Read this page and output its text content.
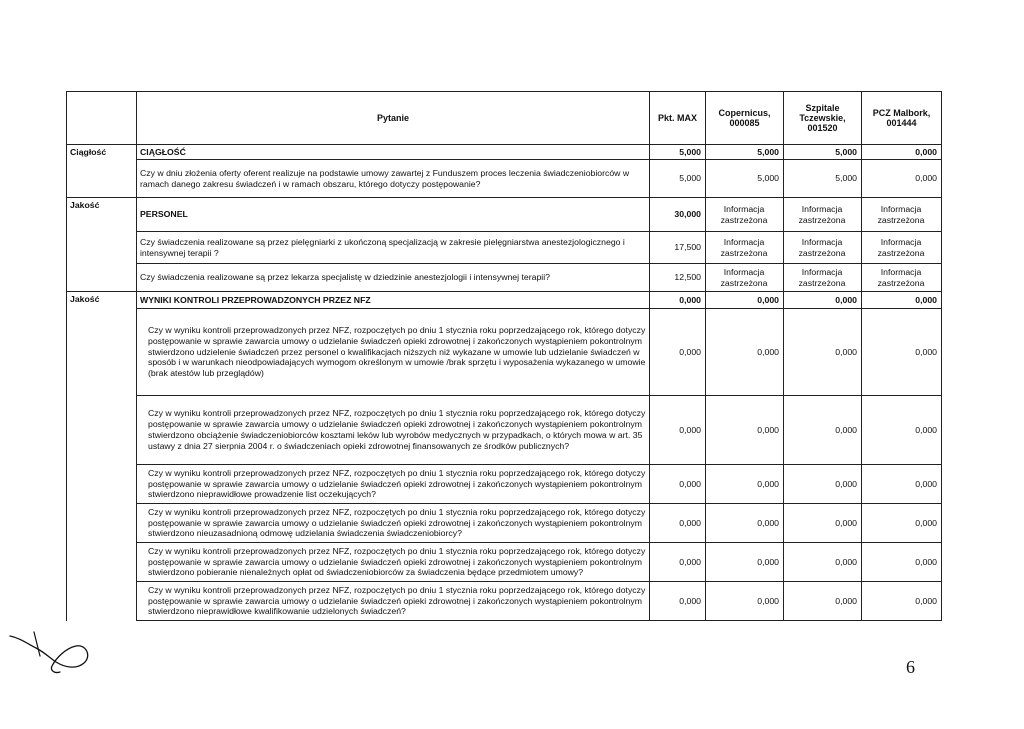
	Pytanie	Pkt. MAX	Copernicus, 000085	Szpitale Tczewskie, 001520	PCZ Malbork, 001444
Ciągłość	CIĄGŁOŚĆ	5,000	5,000	5,000	0,000
	Czy w dniu złożenia oferty oferent realizuje na podstawie umowy zawartej z Funduszem proces leczenia świadczeniobiorców w ramach danego zakresu świadczeń i w ramach obszaru, którego dotyczy postępowanie?	5,000	5,000	5,000	0,000
Jakość	PERSONEL	30,000	Informacja zastrzeżona	Informacja zastrzeżona	Informacja zastrzeżona
	Czy świadczenia realizowane są przez pielęgniarki z ukończoną specjalizacją w zakresie pielęgniarstwa anestezjologicznego i intensywnej terapii ?	17,500	Informacja zastrzeżona	Informacja zastrzeżona	Informacja zastrzeżona
	Czy świadczenia realizowane są przez lekarza specjalistę w dziedzinie anestezjologii i intensywnej terapii?	12,500	Informacja zastrzeżona	Informacja zastrzeżona	Informacja zastrzeżona
Jakość	WYNIKI KONTROLI PRZEPROWADZONYCH PRZEZ NFZ	0,000	0,000	0,000	0,000
	Czy w wyniku kontroli przeprowadzonych przez NFZ, rozpoczętych po dniu 1 stycznia roku poprzedzającego rok, którego dotyczy postępowanie w sprawie zawarcia umowy o udzielanie świadczeń opieki zdrowotnej i zakończonych wystąpieniem pokontrolnym stwierdzono udzielenie świadczeń przez personel o kwalifikacjach niższych niż wykazane w umowie lub udzielanie świadczeń w sposób i w warunkach nieodpowiadających wymogom określonym w umowie /brak sprzętu i wyposażenia wykazanego w umowie (brak atestów lub przeglądów)	0,000	0,000	0,000	0,000
	Czy w wyniku kontroli przeprowadzonych przez NFZ, rozpoczętych po dniu 1 stycznia roku poprzedzającego rok, którego dotyczy postępowanie w sprawie zawarcia umowy o udzielanie świadczeń opieki zdrowotnej i zakończonych wystąpieniem pokontrolnym stwierdzono obciążenie świadczeniobiorców kosztami leków lub wyrobów medycznych w przypadkach, o których mowa w art. 35 ustawy z dnia 27 sierpnia 2004 r. o świadczeniach opieki zdrowotnej finansowanych ze środków publicznych?	0,000	0,000	0,000	0,000
	Czy w wyniku kontroli przeprowadzonych przez NFZ, rozpoczętych po dniu 1 stycznia roku poprzedzającego rok, którego dotyczy postępowanie w sprawie zawarcia umowy o udzielanie świadczeń opieki zdrowotnej i zakończonych wystąpieniem pokontrolnym stwierdzono nieprawidłowe prowadzenie list oczekujących?	0,000	0,000	0,000	0,000
	Czy w wyniku kontroli przeprowadzonych przez NFZ, rozpoczętych po dniu 1 stycznia roku poprzedzającego rok, którego dotyczy postępowanie w sprawie zawarcia umowy o udzielanie świadczeń opieki zdrowotnej i zakończonych wystąpieniem pokontrolnym stwierdzono nieuzasadnioną odmowę udzielania świadczenia świadczeniobiorcy?	0,000	0,000	0,000	0,000
	Czy w wyniku kontroli przeprowadzonych przez NFZ, rozpoczętych po dniu 1 stycznia roku poprzedzającego rok, którego dotyczy postępowanie w sprawie zawarcia umowy o udzielanie świadczeń opieki zdrowotnej i zakończonych wystąpieniem pokontrolnym stwierdzono pobieranie nienależnych opłat od świadczeniobiorców za świadczenia będące przedmiotem umowy?	0,000	0,000	0,000	0,000
	Czy w wyniku kontroli przeprowadzonych przez NFZ, rozpoczętych po dniu 1 stycznia roku poprzedzającego rok, którego dotyczy postępowanie w sprawie zawarcia umowy o udzielanie świadczeń opieki zdrowotnej i zakończonych wystąpieniem pokontrolnym stwierdzono nieprawidłowe kwalifikowanie udzielonych świadczeń?	0,000	0,000	0,000	0,000
6
